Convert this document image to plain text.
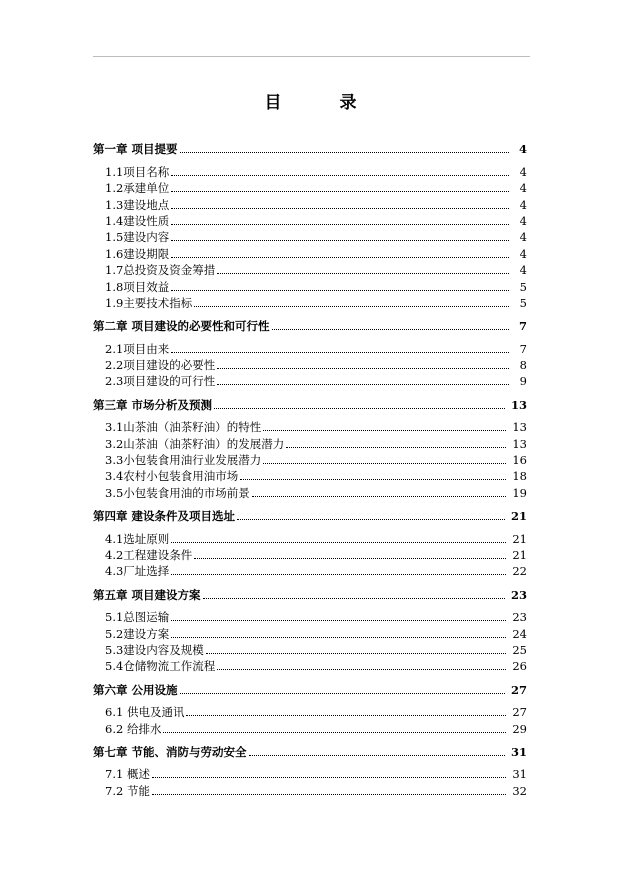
目 录
第一章 项目提要	4
1.1项目名称	4
1.2承建单位	4
1.3建设地点	4
1.4建设性质	4
1.5建设内容	4
1.6建设期限	4
1.7总投资及资金筹措	4
1.8项目效益	5
1.9主要技术指标	5
第二章 项目建设的必要性和可行性	7
2.1项目由来	7
2.2项目建设的必要性	8
2.3项目建设的可行性	9
第三章 市场分析及预测	13
3.1山茶油（油茶籽油）的特性	13
3.2山茶油（油茶籽油）的发展潜力	13
3.3小包装食用油行业发展潜力	16
3.4农村小包装食用油市场	18
3.5小包装食用油的市场前景	19
第四章 建设条件及项目选址	21
4.1选址原则	21
4.2工程建设条件	21
4.3厂址选择	22
第五章 项目建设方案	23
5.1总图运输	23
5.2建设方案	24
5.3建设内容及规模	25
5.4仓储物流工作流程	26
第六章 公用设施	27
6.1 供电及通讯	27
6.2 给排水	29
第七章 节能、消防与劳动安全	31
7.1 概述	31
7.2 节能	32
